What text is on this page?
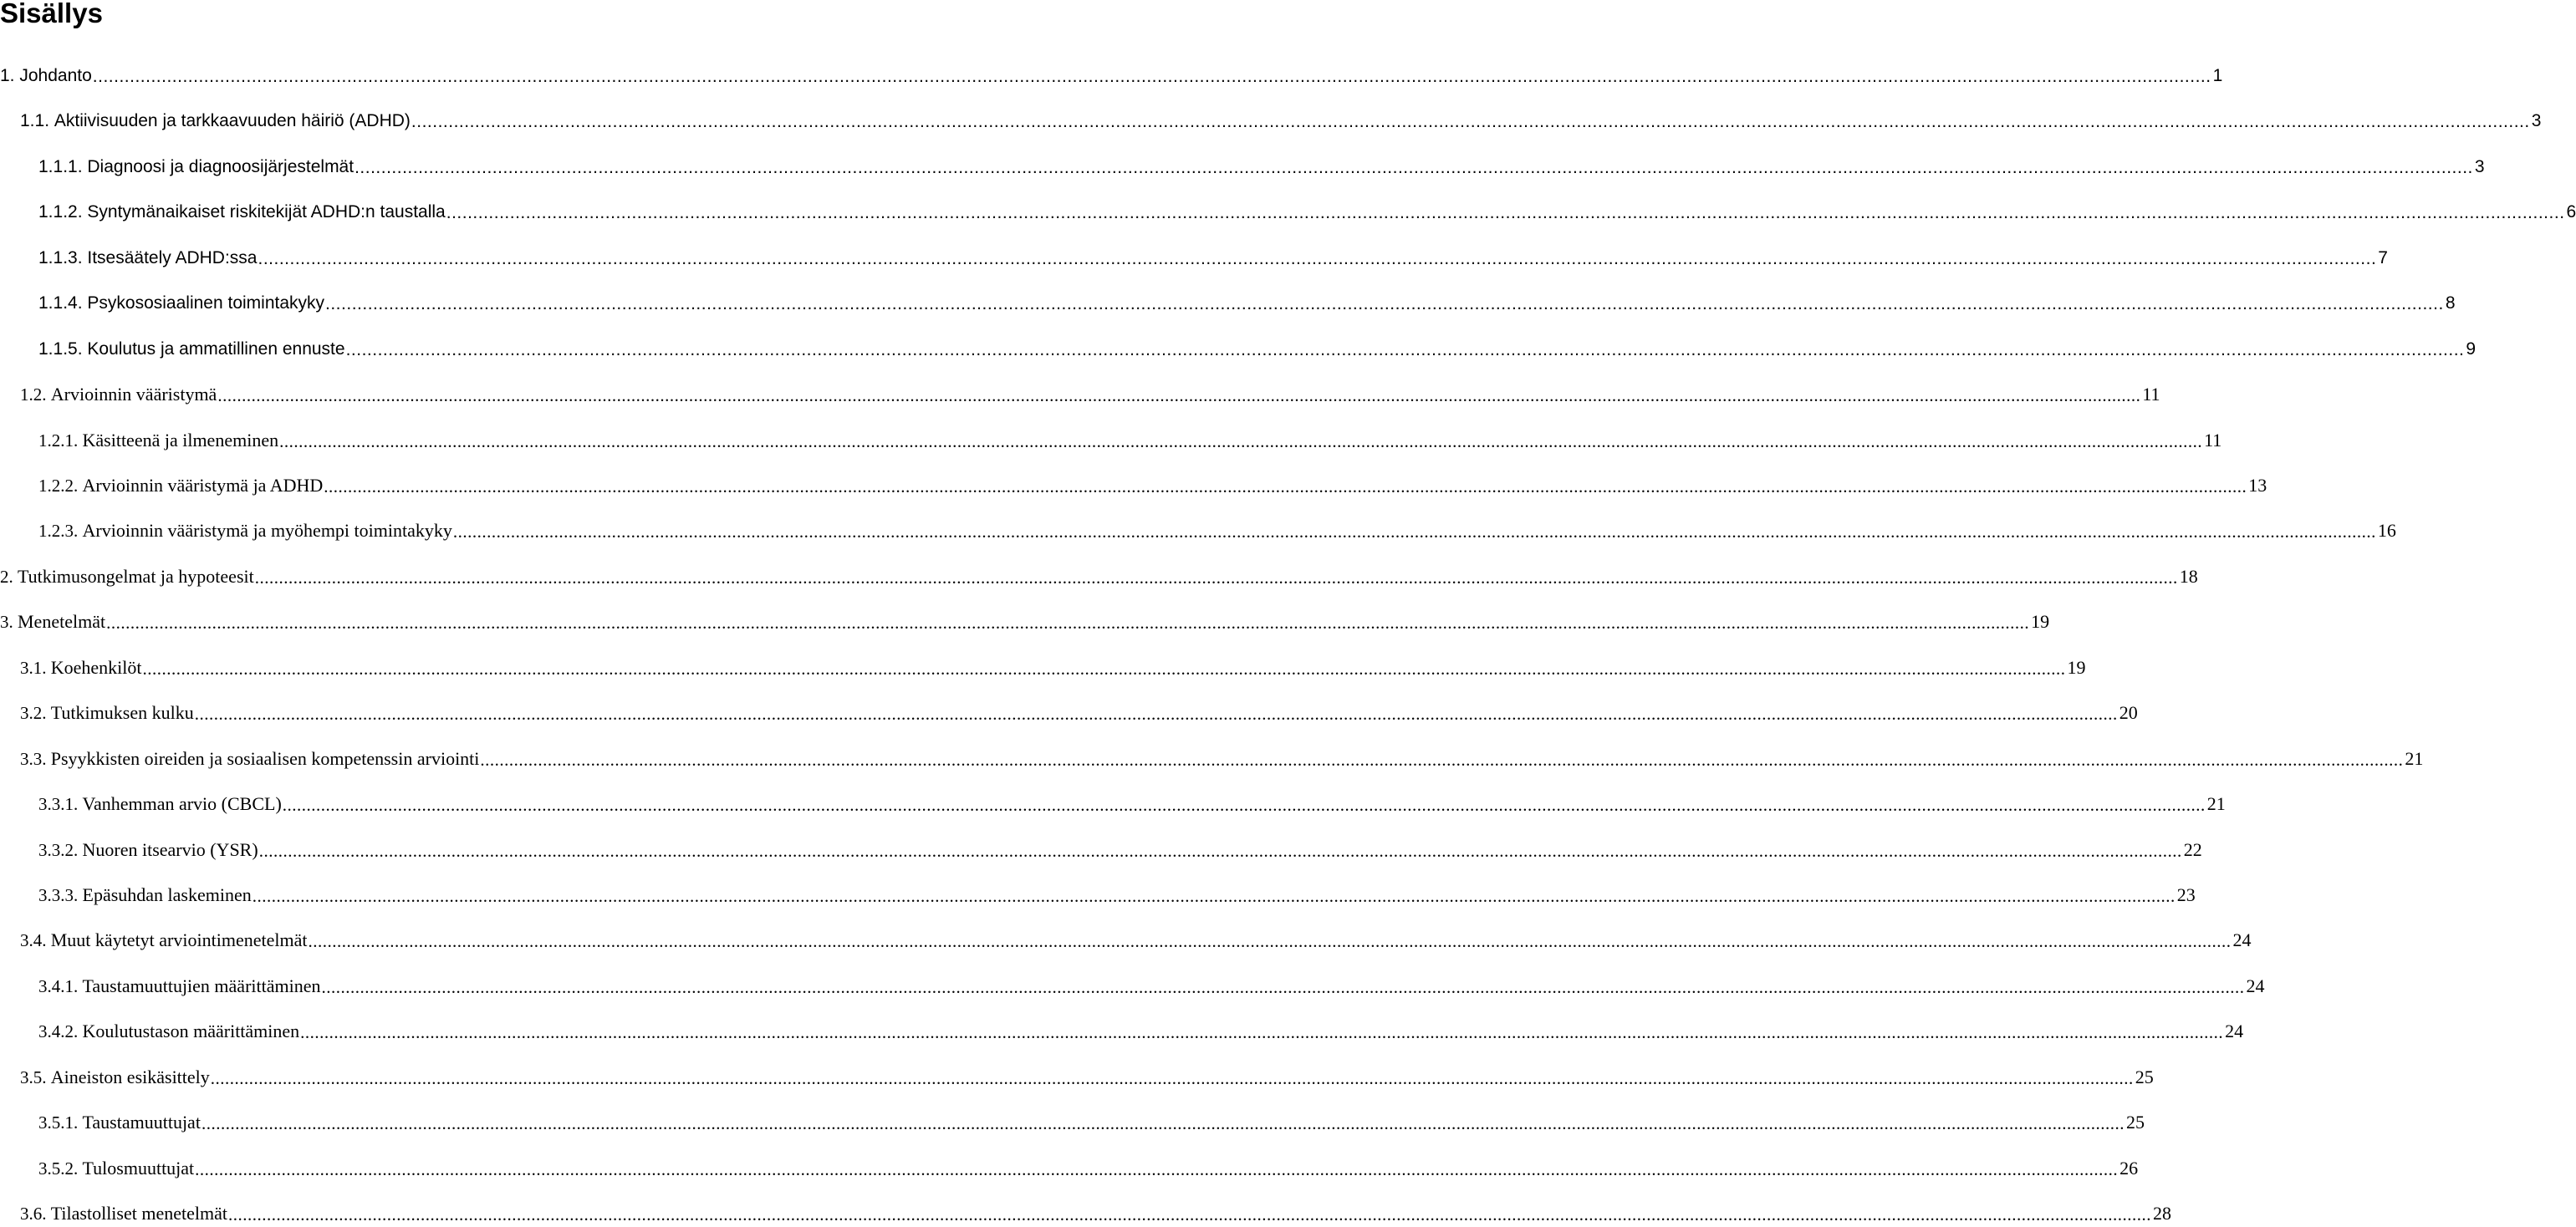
Sisällys
1.
Johdanto ................................................................................................................................................................................................................................................................................................................................................................................................................ 1
1.1.
Aktiivisuuden ja tarkkaavuuden häiriö (ADHD) ................................................................................................................................................................................................................................................................................................................................................................................................................ 3
1.1.1.
Diagnoosi ja diagnoosijärjestelmät ................................................................................................................................................................................................................................................................................................................................................................................................................ 3
1.1.2.
Syntymänaikaiset riskitekijät ADHD:n taustalla ................................................................................................................................................................................................................................................................................................................................................................................................................ 6
1.1.3.
Itsesäätely ADHD:ssa ................................................................................................................................................................................................................................................................................................................................................................................................................ 7
1.1.4.
Psykososiaalinen toimintakyky ................................................................................................................................................................................................................................................................................................................................................................................................................ 8
1.1.5.
Koulutus ja ammatillinen ennuste ................................................................................................................................................................................................................................................................................................................................................................................................................ 9
1.2.
Arvioinnin vääristymä ................................................................................................................................................................................................................................................................................................................................................................................................................ 11
1.2.1.
Käsitteenä ja ilmeneminen ................................................................................................................................................................................................................................................................................................................................................................................................................ 11
1.2.2.
Arvioinnin vääristymä ja ADHD ................................................................................................................................................................................................................................................................................................................................................................................................................ 13
1.2.3.
Arvioinnin vääristymä ja myöhempi toimintakyky ................................................................................................................................................................................................................................................................................................................................................................................................................ 16
2.
Tutkimusongelmat ja hypoteesit ................................................................................................................................................................................................................................................................................................................................................................................................................ 18
3.
Menetelmät ................................................................................................................................................................................................................................................................................................................................................................................................................ 19
3.1.
Koehenkilöt ................................................................................................................................................................................................................................................................................................................................................................................................................ 19
3.2.
Tutkimuksen kulku ................................................................................................................................................................................................................................................................................................................................................................................................................ 20
3.3.
Psyykkisten oireiden ja sosiaalisen kompetenssin arviointi ................................................................................................................................................................................................................................................................................................................................................................................................................ 21
3.3.1.
Vanhemman arvio (CBCL) ................................................................................................................................................................................................................................................................................................................................................................................................................ 21
3.3.2.
Nuoren itsearvio (YSR) ................................................................................................................................................................................................................................................................................................................................................................................................................ 22
3.3.3.
Epäsuhdan laskeminen ................................................................................................................................................................................................................................................................................................................................................................................................................ 23
3.4.
Muut käytetyt arviointimenetelmät ................................................................................................................................................................................................................................................................................................................................................................................................................ 24
3.4.1.
Taustamuuttujien määrittäminen ................................................................................................................................................................................................................................................................................................................................................................................................................ 24
3.4.2.
Koulutustason määrittäminen ................................................................................................................................................................................................................................................................................................................................................................................................................ 24
3.5.
Aineiston esikäsittely ................................................................................................................................................................................................................................................................................................................................................................................................................ 25
3.5.1.
Taustamuuttujat ................................................................................................................................................................................................................................................................................................................................................................................................................ 25
3.5.2.
Tulosmuuttujat ................................................................................................................................................................................................................................................................................................................................................................................................................ 26
3.6.
Tilastolliset menetelmät ................................................................................................................................................................................................................................................................................................................................................................................................................ 28
